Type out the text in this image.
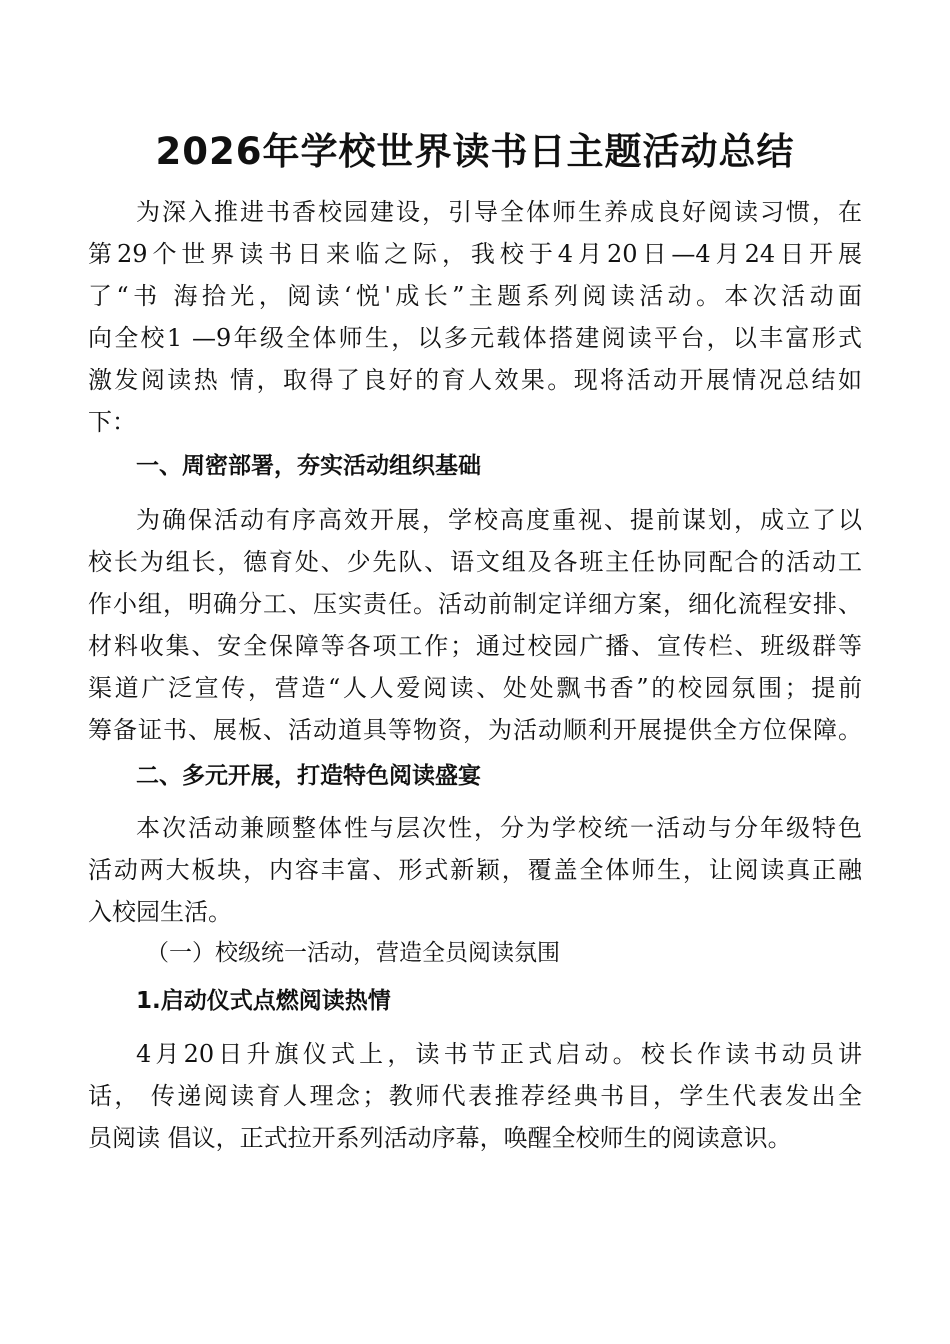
2026年学校世界读书日主题活动总结
为深入推进书香校园建设，引导全体师生养成良好阅读习惯，在
第29个世界读书日来临之际，我校于4月20日—4月24日开展
了“书 海拾光，阅读‘悦'成长”主题系列阅读活动。本次活动面
向全校1 —9年级全体师生，以多元载体搭建阅读平台，以丰富形式
激发阅读热 情，取得了良好的育人效果。现将活动开展情况总结如
下：
一、周密部署，夯实活动组织基础
为确保活动有序高效开展，学校高度重视、提前谋划，成立了以
校长为组长，德育处、少先队、语文组及各班主任协同配合的活动工
作小组，明确分工、压实责任。活动前制定详细方案，细化流程安排、
材料收集、安全保障等各项工作；通过校园广播、宣传栏、班级群等
渠道广泛宣传，营造“人人爱阅读、处处飘书香”的校园氛围；提前
筹备证书、展板、活动道具等物资，为活动顺利开展提供全方位保障。
二、多元开展，打造特色阅读盛宴
本次活动兼顾整体性与层次性，分为学校统一活动与分年级特色
活动两大板块，内容丰富、形式新颖，覆盖全体师生，让阅读真正融
入校园生活。
（一）校级统一活动，营造全员阅读氛围
1.启动仪式点燃阅读热情
4月20日升旗仪式上，读书节正式启动。校长作读书动员讲
话， 传递阅读育人理念；教师代表推荐经典书目，学生代表发出全
员阅读 倡议，正式拉开系列活动序幕，唤醒全校师生的阅读意识。
